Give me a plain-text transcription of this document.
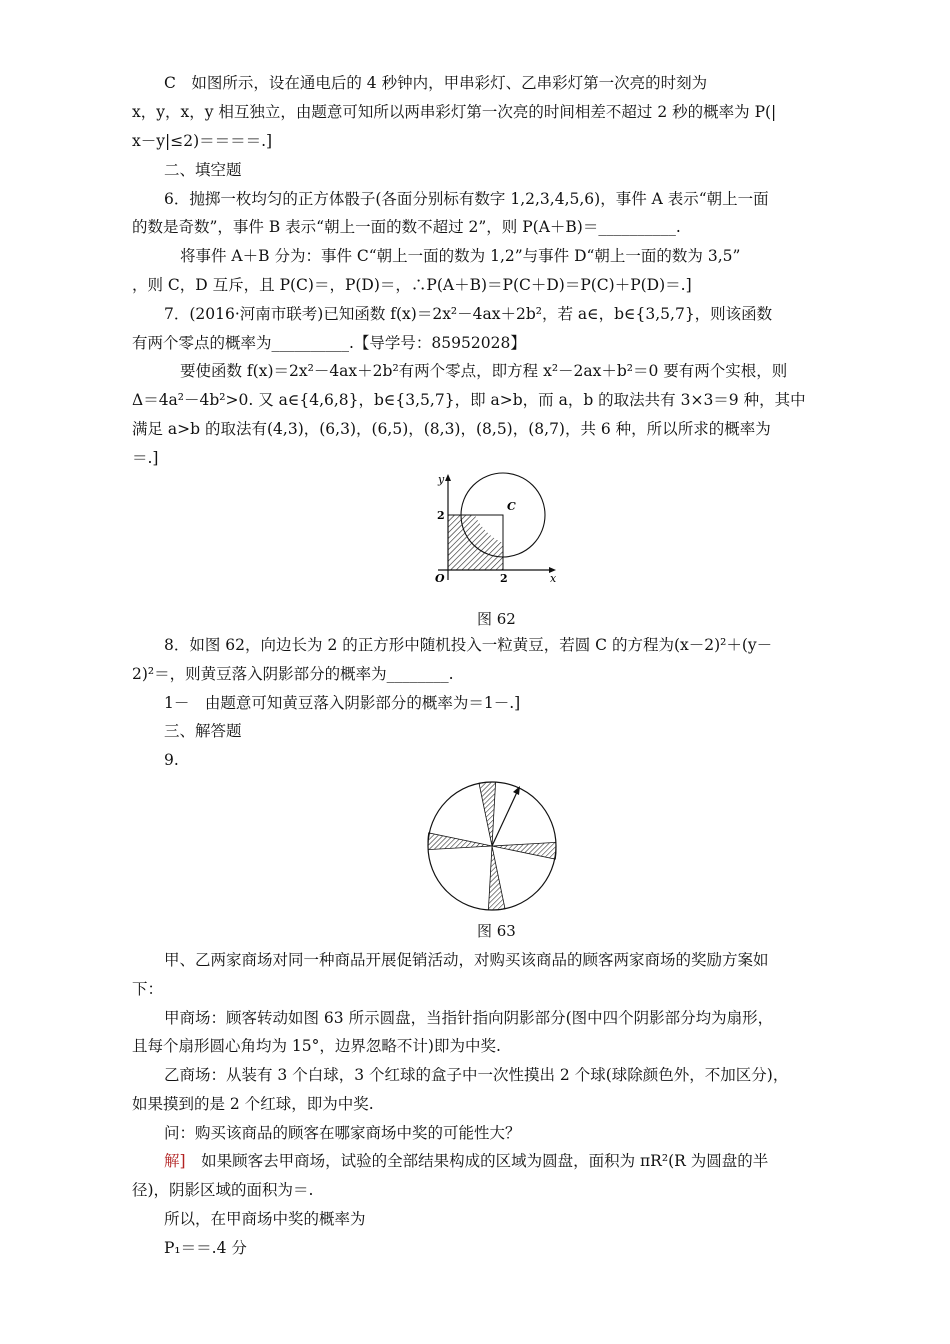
C　如图所示，设在通电后的 4 秒钟内，甲串彩灯、乙串彩灯第一次亮的时刻为
x，y，x，y 相互独立，由题意可知所以两串彩灯第一次亮的时间相差不超过 2 秒的概率为 P(|
x－y|≤2)＝＝＝＝.]
二、填空题
6．抛掷一枚均匀的正方体骰子(各面分别标有数字 1,2,3,4,5,6)，事件 A 表示“朝上一面
的数是奇数”，事件 B 表示“朝上一面的数不超过 2”，则 P(A＋B)＝__________.
将事件 A＋B 分为：事件 C“朝上一面的数为 1,2”与事件 D“朝上一面的数为 3,5”
，则 C，D 互斥，且 P(C)＝，P(D)＝，∴P(A＋B)＝P(C＋D)＝P(C)＋P(D)＝.]
7．(2016·河南市联考)已知函数 f(x)＝2x²－4ax＋2b²，若 a∈，b∈{3,5,7}，则该函数
有两个零点的概率为__________.【导学号：85952028】
要使函数 f(x)＝2x²－4ax＋2b²有两个零点，即方程 x²－2ax＋b²＝0 要有两个实根，则
Δ＝4a²－4b²>0. 又 a∈{4,6,8}，b∈{3,5,7}，即 a>b，而 a，b 的取法共有 3×3＝9 种，其中
满足 a>b 的取法有(4,3)，(6,3)，(6,5)，(8,3)，(8,5)，(8,7)，共 6 种，所以所求的概率为
＝.]
y
x
O
2
2
C
图 62
8．如图 62，向边长为 2 的正方形中随机投入一粒黄豆，若圆 C 的方程为(x－2)²＋(y－
2)²＝，则黄豆落入阴影部分的概率为________.
1－　由题意可知黄豆落入阴影部分的概率为＝1－.]
三、解答题
9.
图 63
甲、乙两家商场对同一种商品开展促销活动，对购买该商品的顾客两家商场的奖励方案如
下：
甲商场：顾客转动如图 63 所示圆盘，当指针指向阴影部分(图中四个阴影部分均为扇形，
且每个扇形圆心角均为 15°，边界忽略不计)即为中奖.
乙商场：从装有 3 个白球，3 个红球的盒子中一次性摸出 2 个球(球除颜色外，不加区分)，
如果摸到的是 2 个红球，即为中奖.
问：购买该商品的顾客在哪家商场中奖的可能性大？
解]　如果顾客去甲商场，试验的全部结果构成的区域为圆盘，面积为 πR²(R 为圆盘的半
径)，阴影区域的面积为＝.
所以，在甲商场中奖的概率为
P₁＝＝.4 分
